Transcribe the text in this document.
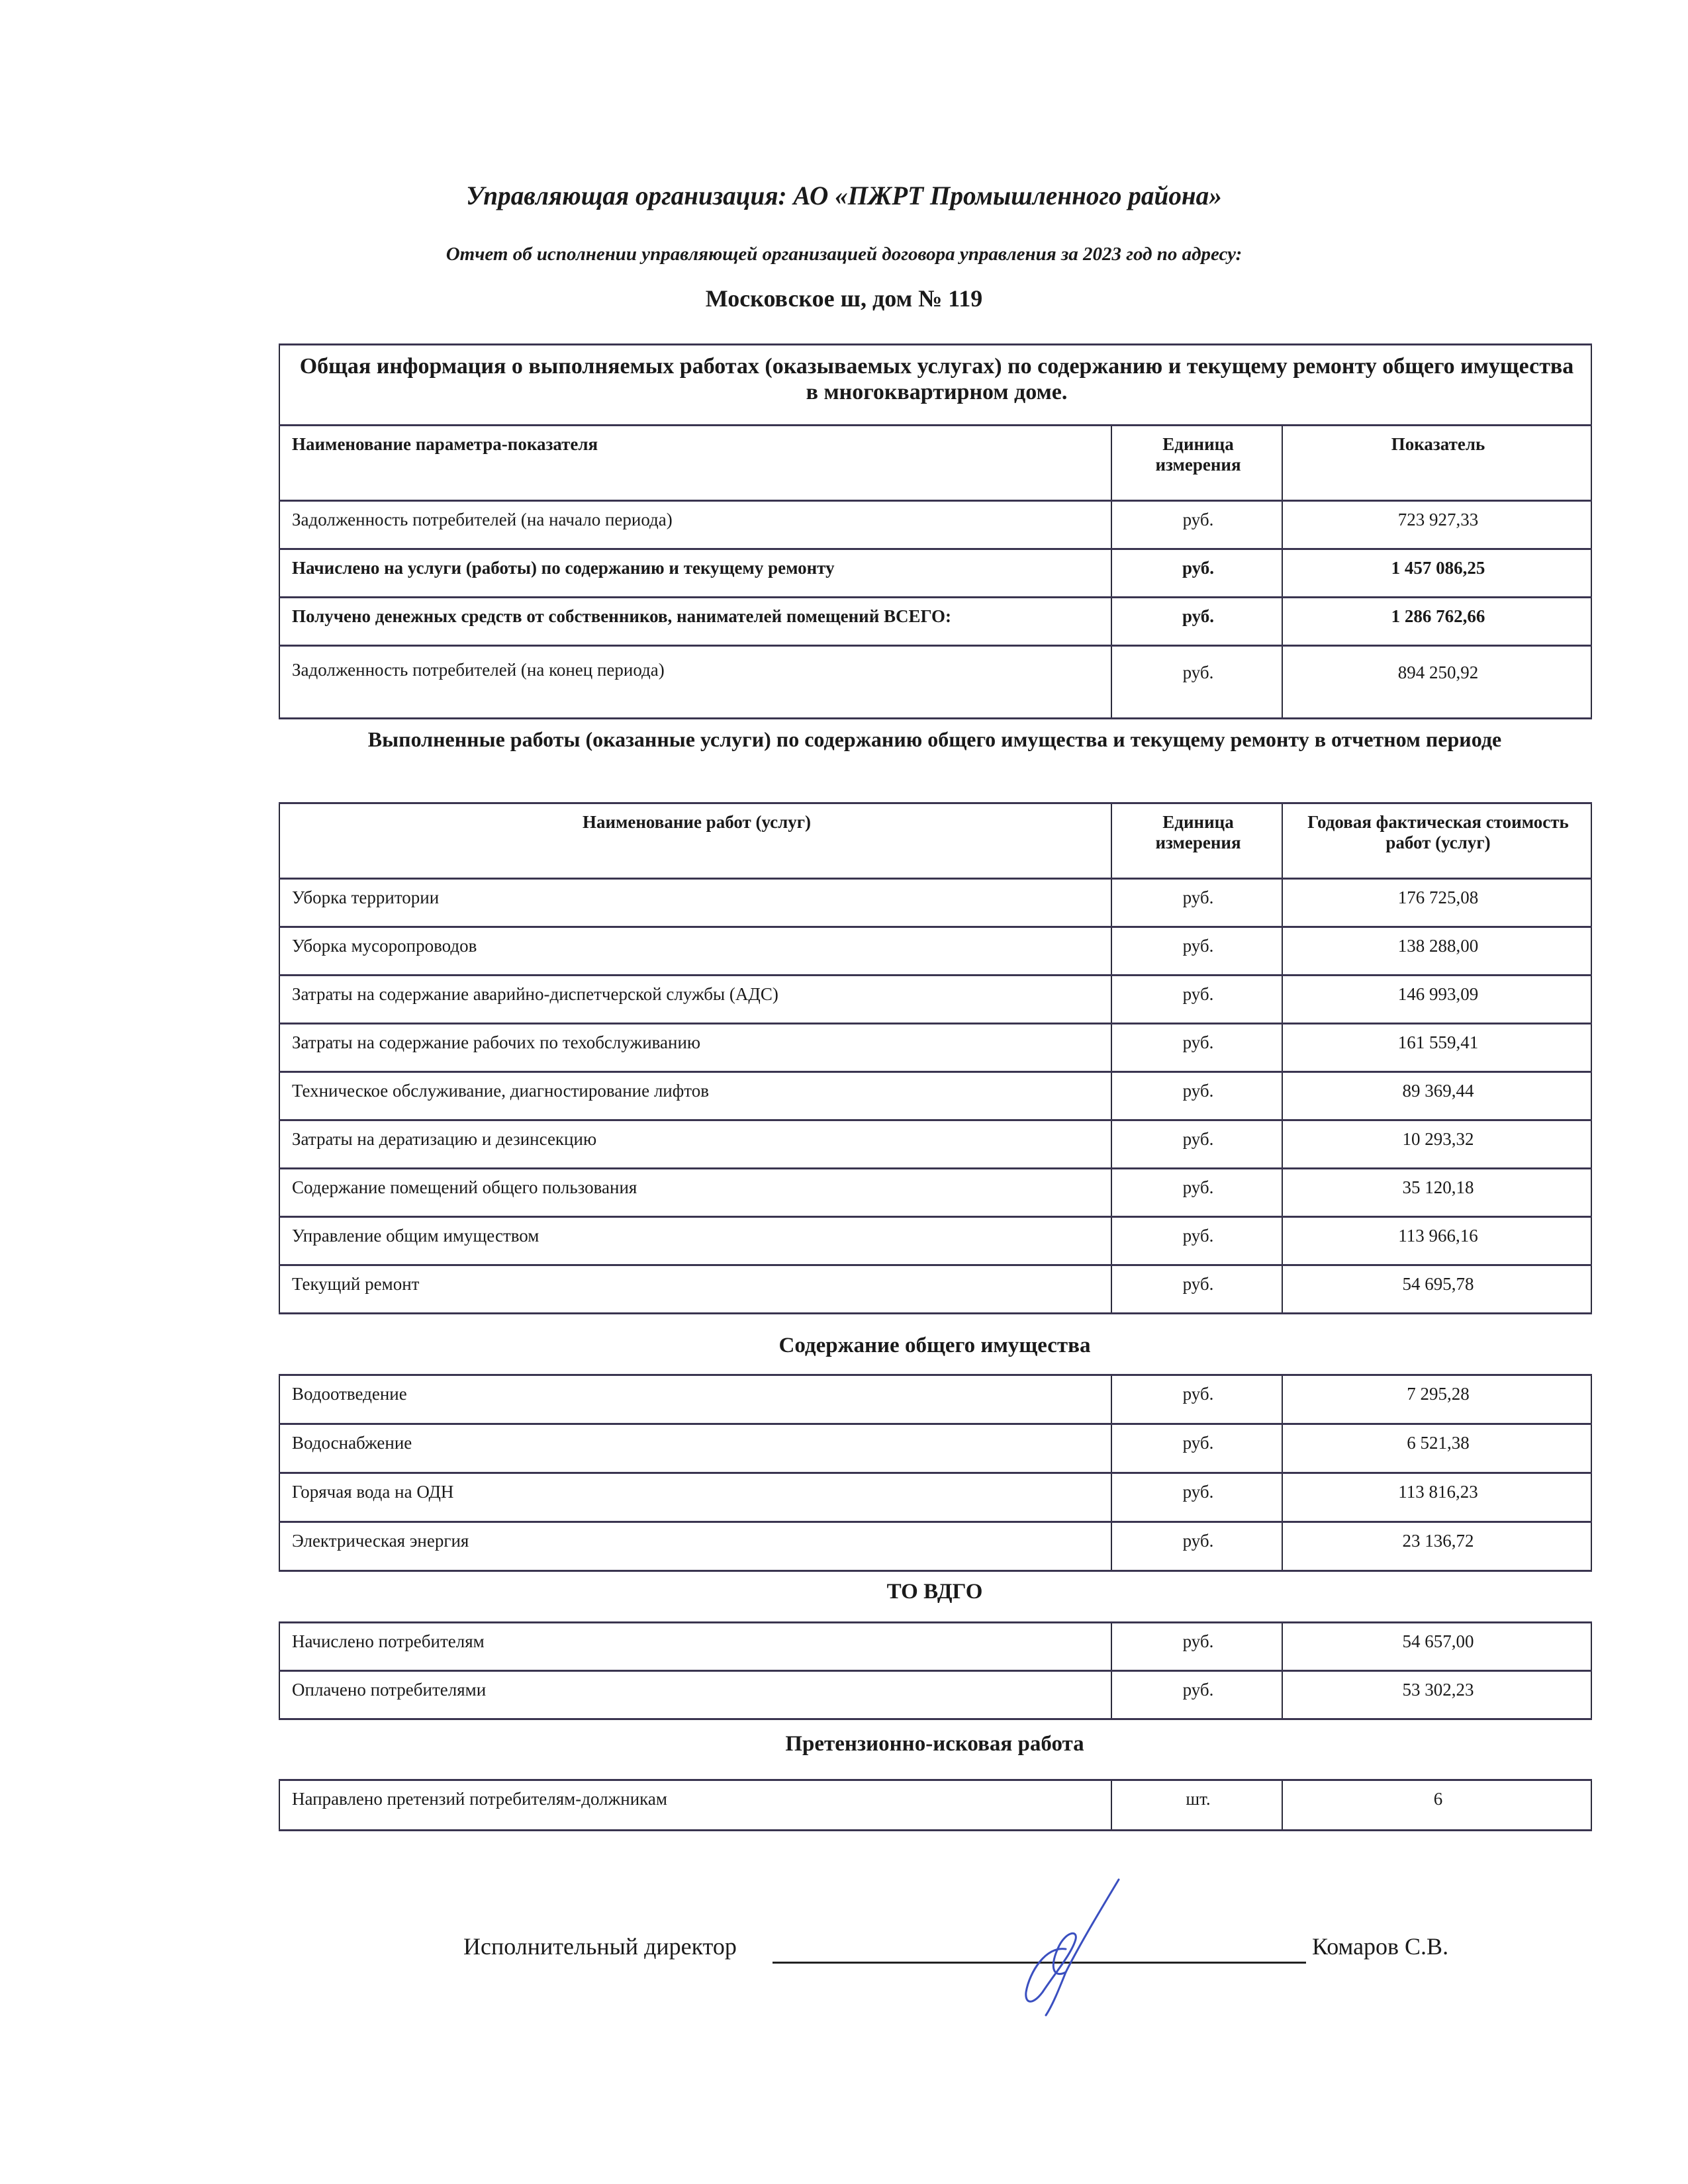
Управляющая организация: АО «ПЖРТ Промышленного района»
Отчет об исполнении управляющей организацией договора управления за 2023 год по адресу:
Московское ш, дом № 119
Общая информация о выполняемых работах (оказываемых услугах) по содержанию и текущему ремонту общего имущества в многоквартирном доме.		
Наименование параметра-показателя	Единица измерения	Показатель
Задолженность потребителей (на начало периода)	руб.	723 927,33
Начислено на услуги (работы) по содержанию и текущему ремонту	руб.	1 457 086,25
Получено денежных средств от собственников, нанимателей помещений ВСЕГО:	руб.	1 286 762,66
Задолженность потребителей (на конец периода)	руб.	894 250,92
Выполненные работы (оказанные услуги) по содержанию общего имущества и текущему ремонту в отчетном периоде
Наименование работ (услуг)	Единица измерения	Годовая фактическая стоимость работ (услуг)
Уборка территории	руб.	176 725,08
Уборка мусоропроводов	руб.	138 288,00
Затраты на содержание аварийно-диспетчерской службы (АДС)	руб.	146 993,09
Затраты на содержание рабочих по техобслуживанию	руб.	161 559,41
Техническое обслуживание, диагностирование лифтов	руб.	89 369,44
Затраты на дератизацию и дезинсекцию	руб.	10 293,32
Содержание помещений общего пользования	руб.	35 120,18
Управление общим имуществом	руб.	113 966,16
Текущий ремонт	руб.	54 695,78
Содержание общего имущества
Водоотведение	руб.	7 295,28
Водоснабжение	руб.	6 521,38
Горячая вода на ОДН	руб.	113 816,23
Электрическая энергия	руб.	23 136,72
ТО ВДГО
Начислено потребителям	руб.	54 657,00
Оплачено потребителями	руб.	53 302,23
Претензионно-исковая работа
Направлено претензий потребителям-должникам	шт.	6
Исполнительный директор	Комаров С.В.
